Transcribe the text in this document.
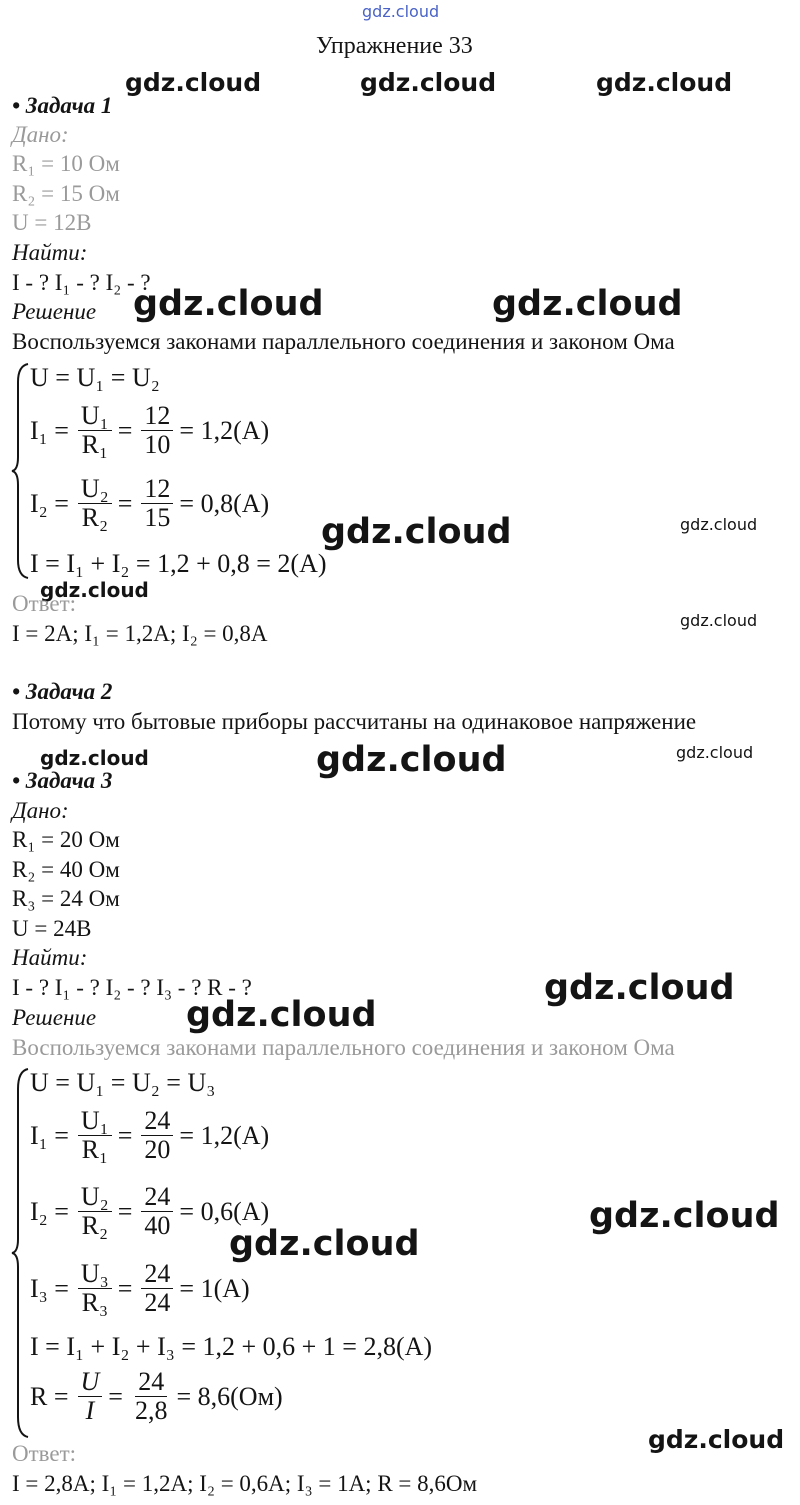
gdz.cloud
Упражнение 33
gdz.cloud	gdz.cloud	gdz.cloud
• Задача 1
Дано:
R₁ = 10 Ом
R₂ = 15 Ом
U = 12В
Найти:
I - ? I₁ - ? I₂ - ?
Решение gdz.cloud	gdz.cloud
Воспользуемся законами параллельного соединения и законом Ома
U = U₁ = U₂
$I_1 = \frac{\text{U₁}}{\text{R₁}} = \frac{12}{10} = 1,2(A)$
$I_2 = \frac{\text{U₂}}{\text{R₂}} = \frac{12}{15} = 0,8(A)$
I = I₁ + I₂ = 1,2 + 0,8 = 2(A)
gdz.cloud	gdz.cloud
gdz.cloud
Ответ:
gdz.cloud
I = 2A; I₁ = 1,2A; I₂ = 0,8A
• Задача 2
Потому что бытовые приборы рассчитаны на одинаковое напряжение
gdz.cloud	gdz.cloud	gdz.cloud
• Задача 3
Дано:
R₁ = 20 Ом
R₂ = 40 Ом
R₃ = 24 Ом
U = 24B
Найти:
I - ? I₁ - ? I₂ - ? I₃ - ? R - ?	gdz.cloud
Решение	gdz.cloud
Воспользуемся законами параллельного соединения и законом Ома
U = U₁ = U₂ = U₃
$I_1 = \frac{\text{U₁}}{\text{R₁}} = \frac{24}{20} = 1,2(A)$
$I_2 = \frac{\text{U₂}}{\text{R₂}} = \frac{24}{40} = 0,6(A)$
$I_3 = \frac{\text{U₃}}{\text{R₃}} = \frac{24}{24} = 1(A)$
I = I₁ + I₂ + I₃ = 1,2 + 0,6 + 1 = 2,8(A)
$R = \frac{U}{I} = \frac{24}{2,8} = 8,6(Ом)$
gdz.cloud
gdz.cloud
Ответ:	gdz.cloud
I = 2,8A; I₁ = 1,2A; I₂ = 0,6A; I₃ = 1A; R = 8,6Ом
